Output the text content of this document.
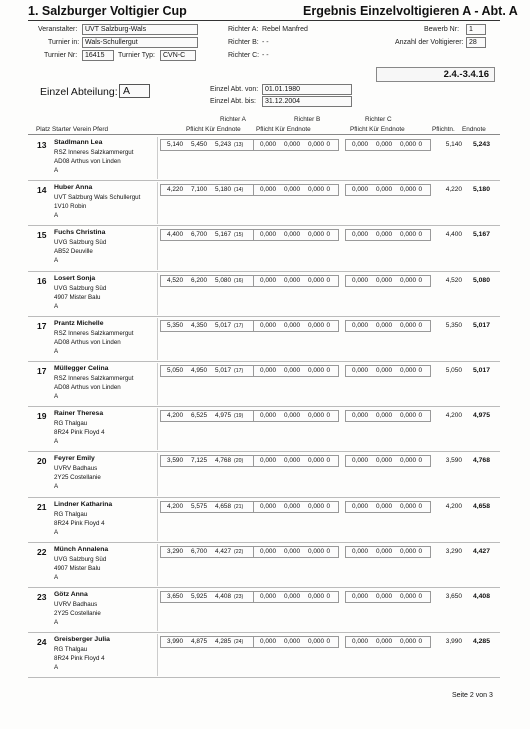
1. Salzburger Voltigier Cup	Ergebnis Einzelvoltigieren A - Abt. A
Veranstalter:	UVT Salzburg-Wals
Turnier in: Wals-Schullergut
Turnier Nr:	16415	Turnier Typ:	CVN-C
Richter A: Rebel Manfred
Richter B: - -
Richter C: - -
Bewerb Nr:	1
Anzahl der Voltigierer: 28
2.4.-3.4.16
Einzel Abteilung: A	Einzel Abt. von: 01.01.1980
Einzel Abt. bis:	31.12.2004
Richter A	Richter B	Richter C
Platz Starter Verein Pferd	Pflicht Kür Endnote Pflicht Kür Endnote	Pflicht Kür Endnote	Pflichtn. Endnote
13 Stadlmann Lea
RSZ Inneres Salzkammergut
AD08 Arthus von Linden
A
5,140 5,450 5,243 (13)	0,000 0,000 0,000 0	0,000 0,000 0,000 0	5,140	5,243
14 Huber Anna
UVT Salzburg Wals Schullergut
1V10 Robin
A
4,220 7,100 5,180 (14)	0,000 0,000 0,000 0	0,000 0,000 0,000 0	4,220	5,180
15 Fuchs Christina
UVG Salzburg Süd
AB52 Deuville
A
4,400 6,700 5,167 (15)	0,000 0,000 0,000 0	0,000 0,000 0,000 0	4,400	5,167
16 Losert Sonja
UVG Salzburg Süd
4907 Mister Balu
A
4,520 6,200 5,080 (16)	0,000 0,000 0,000 0	0,000 0,000 0,000 0	4,520	5,080
17 Prantz Michelle
RSZ Inneres Salzkammergut
AD08 Arthus von Linden
A
5,350 4,350 5,017 (17)	0,000 0,000 0,000 0	0,000 0,000 0,000 0	5,350	5,017
17 Müllegger Celina
RSZ Inneres Salzkammergut
AD08 Arthus von Linden
A
5,050 4,950 5,017 (17)	0,000 0,000 0,000 0	0,000 0,000 0,000 0	5,050	5,017
19 Rainer Theresa
RG Thalgau
8R24 Pink Floyd 4
A
4,200 6,525 4,975 (19)	0,000 0,000 0,000 0	0,000 0,000 0,000 0	4,200	4,975
20 Feyrer Emily
UVRV Badhaus
2Y25 Costellanie
A
3,590 7,125 4,768 (20)	0,000 0,000 0,000 0	0,000 0,000 0,000 0	3,590	4,768
21 Lindner Katharina
RG Thalgau
8R24 Pink Floyd 4
A
4,200 5,575 4,658 (21)	0,000 0,000 0,000 0	0,000 0,000 0,000 0	4,200	4,658
22 Münch Annalena
UVG Salzburg Süd
4907 Mister Balu
A
3,290 6,700 4,427 (22)	0,000 0,000 0,000 0	0,000 0,000 0,000 0	3,290	4,427
23 Götz Anna
UVRV Badhaus
2Y25 Costellanie
A
3,650 5,925 4,408 (23)	0,000 0,000 0,000 0	0,000 0,000 0,000 0	3,650	4,408
24 Greisberger Julia
RG Thalgau
8R24 Pink Floyd 4
A
3,990 4,875 4,285 (24)	0,000 0,000 0,000 0	0,000 0,000 0,000 0	3,990	4,285
Seite 2 von 3
